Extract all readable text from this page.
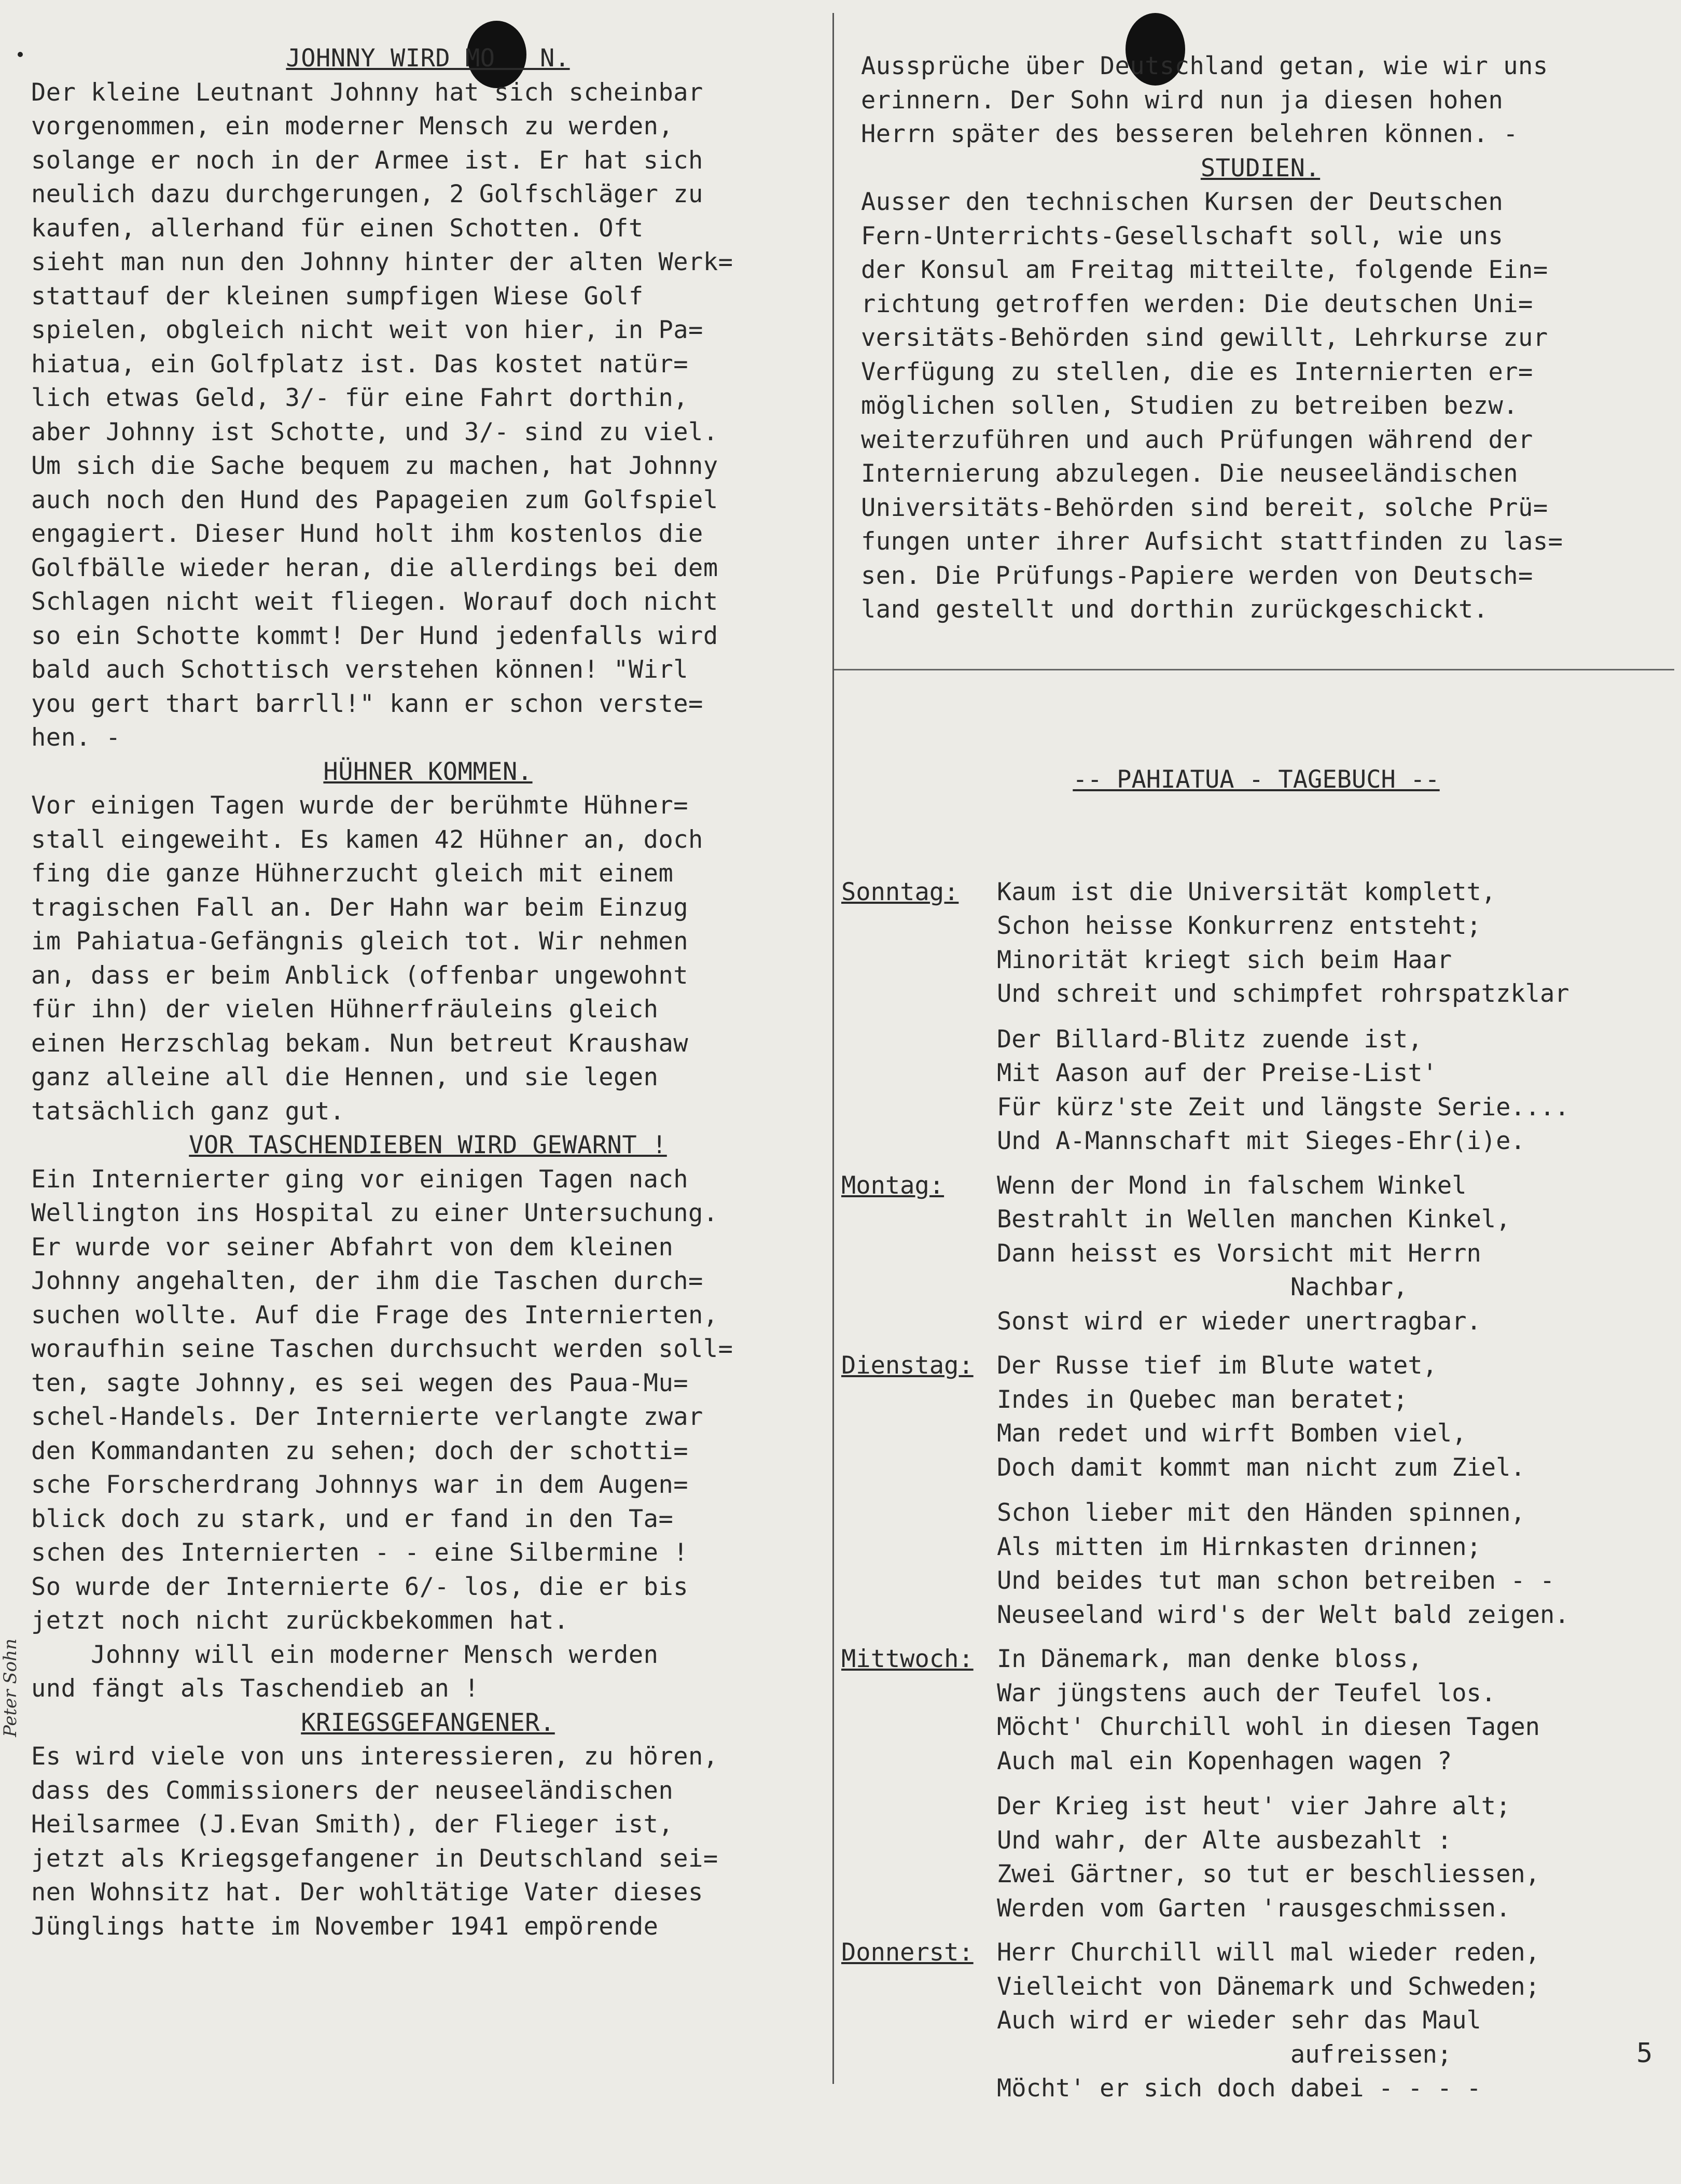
JOHNNY WIRD MO   N.
Der kleine Leutnant Johnny hat sich scheinbar
vorgenommen, ein moderner Mensch zu werden,
solange er noch in der Armee ist. Er hat sich
neulich dazu durchgerungen, 2 Golfschläger zu
kaufen, allerhand für einen Schotten. Oft
sieht man nun den Johnny hinter der alten Werk=
stattauf der kleinen sumpfigen Wiese Golf
spielen, obgleich nicht weit von hier, in Pa=
hiatua, ein Golfplatz ist. Das kostet natür=
lich etwas Geld, 3/- für eine Fahrt dorthin,
aber Johnny ist Schotte, und 3/- sind zu viel.
Um sich die Sache bequem zu machen, hat Johnny
auch noch den Hund des Papageien zum Golfspiel
engagiert. Dieser Hund holt ihm kostenlos die
Golfbälle wieder heran, die allerdings bei dem
Schlagen nicht weit fliegen. Worauf doch nicht
so ein Schotte kommt! Der Hund jedenfalls wird
bald auch Schottisch verstehen können! "Wirl
you gert thart barrll!" kann er schon verste=
hen. -
HÜHNER KOMMEN.
Vor einigen Tagen wurde der berühmte Hühner=
stall eingeweiht. Es kamen 42 Hühner an, doch
fing die ganze Hühnerzucht gleich mit einem
tragischen Fall an. Der Hahn war beim Einzug
im Pahiatua-Gefängnis gleich tot. Wir nehmen
an, dass er beim Anblick (offenbar ungewohnt
für ihn) der vielen Hühnerfräuleins gleich
einen Herzschlag bekam. Nun betreut Kraushaw
ganz alleine all die Hennen, und sie legen
tatsächlich ganz gut.
VOR TASCHENDIEBEN WIRD GEWARNT !
Ein Internierter ging vor einigen Tagen nach
Wellington ins Hospital zu einer Untersuchung.
Er wurde vor seiner Abfahrt von dem kleinen
Johnny angehalten, der ihm die Taschen durch=
suchen wollte. Auf die Frage des Internierten,
woraufhin seine Taschen durchsucht werden soll=
ten, sagte Johnny, es sei wegen des Paua-Mu=
schel-Handels. Der Internierte verlangte zwar
den Kommandanten zu sehen; doch der schotti=
sche Forscherdrang Johnnys war in dem Augen=
blick doch zu stark, und er fand in den Ta=
schen des Internierten - - eine Silbermine !
So wurde der Internierte 6/- los, die er bis
jetzt noch nicht zurückbekommen hat.
Johnny will ein moderner Mensch werden
und fängt als Taschendieb an !
KRIEGSGEFANGENER.
Es wird viele von uns interessieren, zu hören,
dass des Commissioners der neuseeländischen
Heilsarmee (J.Evan Smith), der Flieger ist,
jetzt als Kriegsgefangener in Deutschland sei=
nen Wohnsitz hat. Der wohltätige Vater dieses
Jünglings hatte im November 1941 empörende
Aussprüche über Deutschland getan, wie wir uns
erinnern. Der Sohn wird nun ja diesen hohen
Herrn später des besseren belehren können. -
STUDIEN.
Ausser den technischen Kursen der Deutschen
Fern-Unterrichts-Gesellschaft soll, wie uns
der Konsul am Freitag mitteilte, folgende Ein=
richtung getroffen werden: Die deutschen Uni=
versitäts-Behörden sind gewillt, Lehrkurse zur
Verfügung zu stellen, die es Internierten er=
möglichen sollen, Studien zu betreiben bezw.
weiterzuführen und auch Prüfungen während der
Internierung abzulegen. Die neuseeländischen
Universitäts-Behörden sind bereit, solche Prü=
fungen unter ihrer Aufsicht stattfinden zu las=
sen. Die Prüfungs-Papiere werden von Deutsch=
land gestellt und dorthin zurückgeschickt.

-- PAHIATUA - TAGEBUCH --

Sonntag: Kaum ist die Universität komplett,
Schon heisse Konkurrenz entsteht;
Minorität kriegt sich beim Haar
Und schreit und schimpfet rohrspatzklar
Der Billard-Blitz zuende ist,
Mit Aason auf der Preise-List'
Für kürz'ste Zeit und längste Serie....
Und A-Mannschaft mit Sieges-Ehr(i)e.
Montag: Wenn der Mond in falschem Winkel
Bestrahlt in Wellen manchen Kinkel,
Dann heisst es Vorsicht mit Herrn
Nachbar,
Sonst wird er wieder unertragbar.
Dienstag: Der Russe tief im Blute watet,
Indes in Quebec man beratet;
Man redet und wirft Bomben viel,
Doch damit kommt man nicht zum Ziel.
Schon lieber mit den Händen spinnen,
Als mitten im Hirnkasten drinnen;
Und beides tut man schon betreiben - -
Neuseeland wird's der Welt bald zeigen.
Mittwoch: In Dänemark, man denke bloss,
War jüngstens auch der Teufel los.
Möcht' Churchill wohl in diesen Tagen
Auch mal ein Kopenhagen wagen ?
Der Krieg ist heut' vier Jahre alt;
Und wahr, der Alte ausbezahlt :
Zwei Gärtner, so tut er beschliessen,
Werden vom Garten 'rausgeschmissen.
Donnerst: Herr Churchill will mal wieder reden,
Vielleicht von Dänemark und Schweden;
Auch wird er wieder sehr das Maul
aufreissen;
Möcht' er sich doch dabei - - - -

Peter Sohn
5
